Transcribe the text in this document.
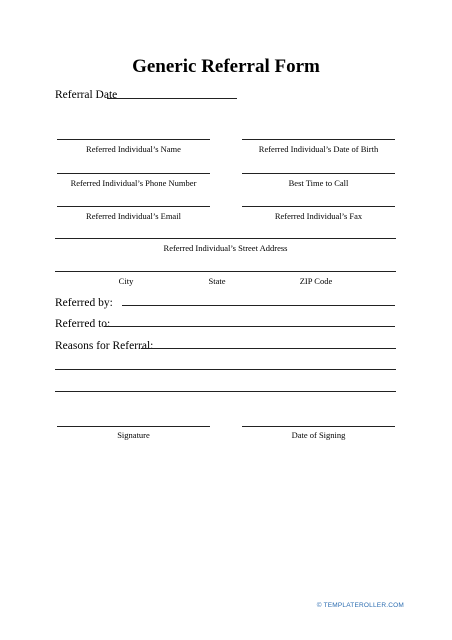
Generic Referral Form
Referral Date
Referred Individual’s Name	Referred Individual’s Date of Birth
Referred Individual’s Phone Number	Best Time to Call
Referred Individual’s Email	Referred Individual’s Fax
Referred Individual’s Street Address
City	State	ZIP Code
Referred by:
Referred to:
Reasons for Referral:
Signature	Date of Signing
© TEMPLATEROLLER.COM
